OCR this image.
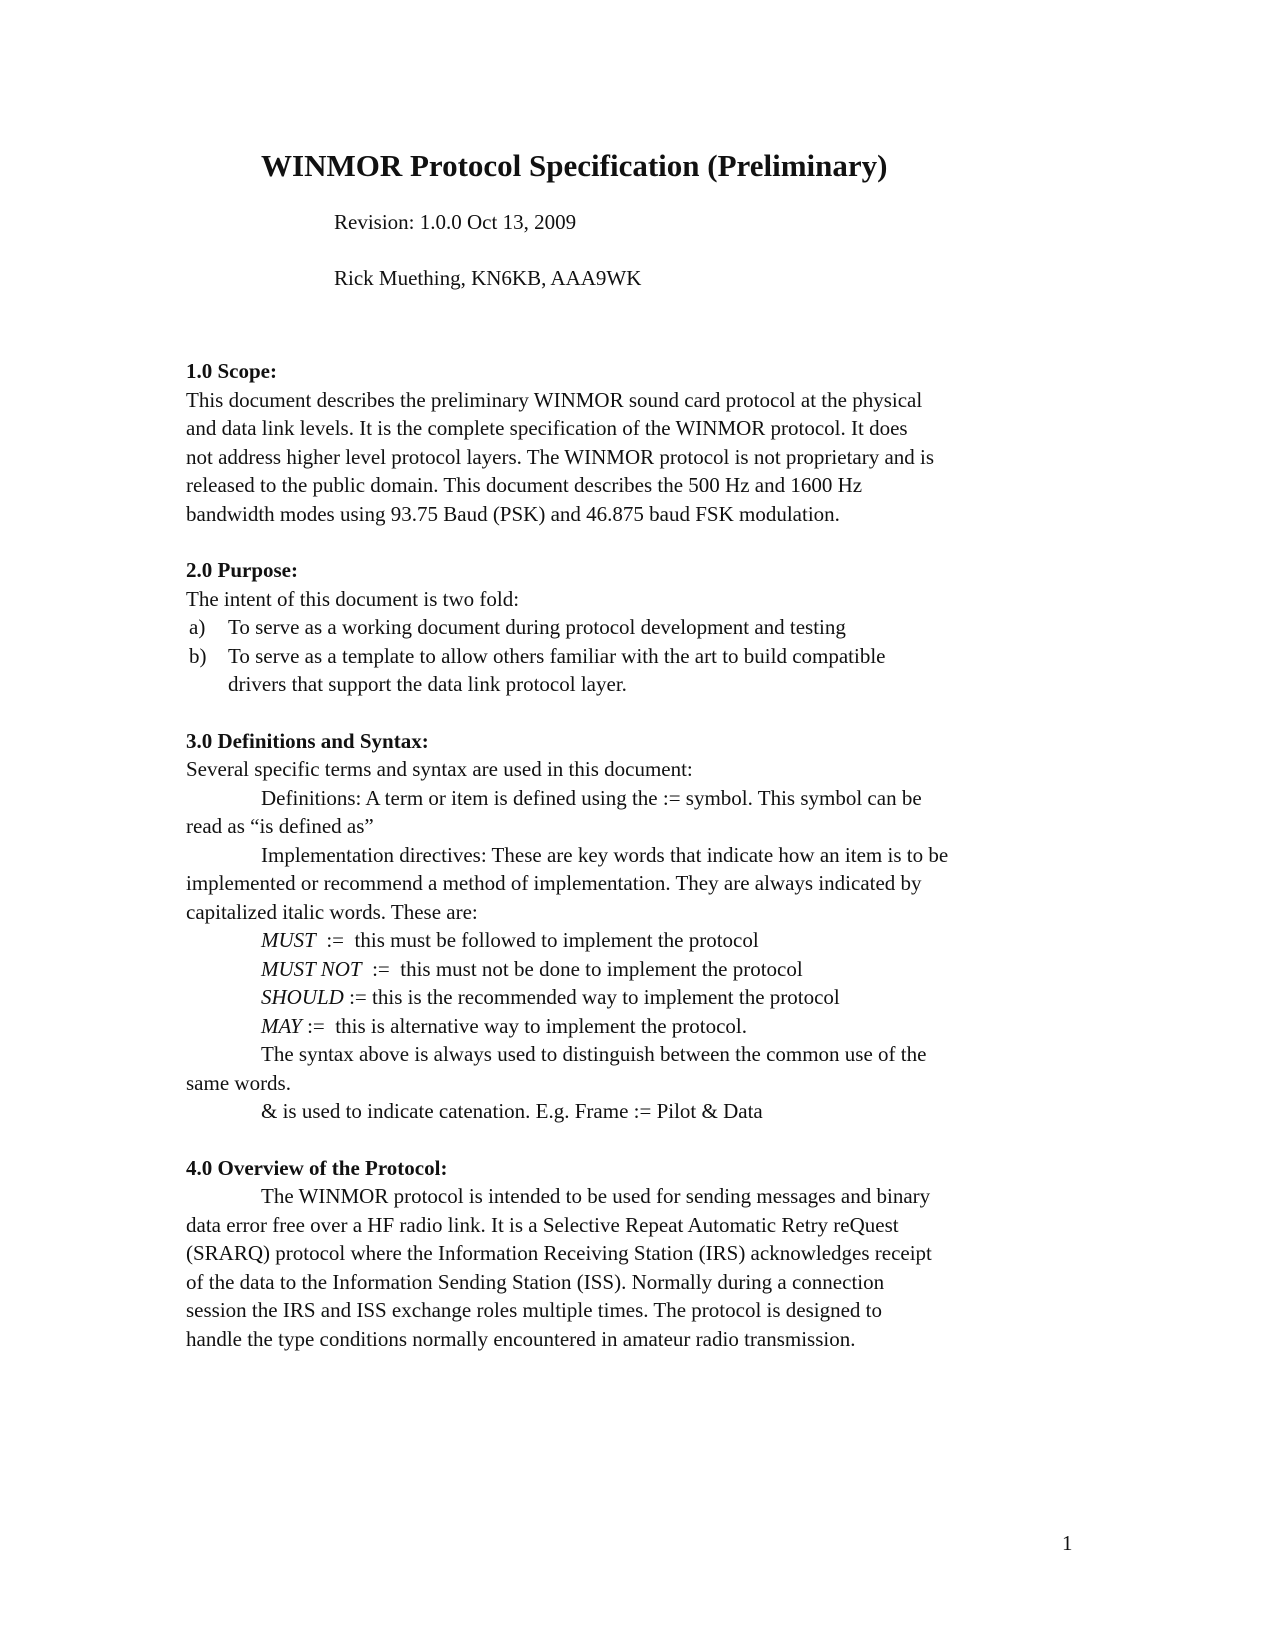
WINMOR Protocol Specification (Preliminary)
Revision: 1.0.0 Oct 13, 2009
Rick Muething, KN6KB, AAA9WK
1.0 Scope:

This document describes the preliminary WINMOR sound card protocol at the physical
and data link levels. It is the complete specification of the WINMOR protocol. It does
not address higher level protocol layers. The WINMOR protocol is not proprietary and is
released to the public domain. This document describes the 500 Hz and 1600 Hz
bandwidth modes using 93.75 Baud (PSK) and 46.875 baud FSK modulation.

2.0 Purpose:
The intent of this document is two fold:
a) To serve as a working document during protocol development and testing
b) To serve as a template to allow others familiar with the art to build compatible
drivers that support the data link protocol layer.
3.0 Definitions and Syntax:
Several specific terms and syntax are used in this document:
Definitions: A term or item is defined using the := symbol. This symbol can be
read as “is defined as”
Implementation directives: These are key words that indicate how an item is to be
implemented or recommend a method of implementation. They are always indicated by
capitalized italic words. These are:
MUST  :=  this must be followed to implement the protocol
MUST NOT  :=  this must not be done to implement the protocol
SHOULD := this is the recommended way to implement the protocol
MAY :=  this is alternative way to implement the protocol.
The syntax above is always used to distinguish between the common use of the
same words.
& is used to indicate catenation. E.g. Frame := Pilot & Data
4.0 Overview of the Protocol:

The WINMOR protocol is intended to be used for sending messages and binary
data error free over a HF radio link. It is a Selective Repeat Automatic Retry reQuest
(SRARQ) protocol where the Information Receiving Station (IRS) acknowledges receipt
of the data to the Information Sending Station (ISS). Normally during a connection
session the IRS and ISS exchange roles multiple times. The protocol is designed to
handle the type conditions normally encountered in amateur radio transmission.

1
